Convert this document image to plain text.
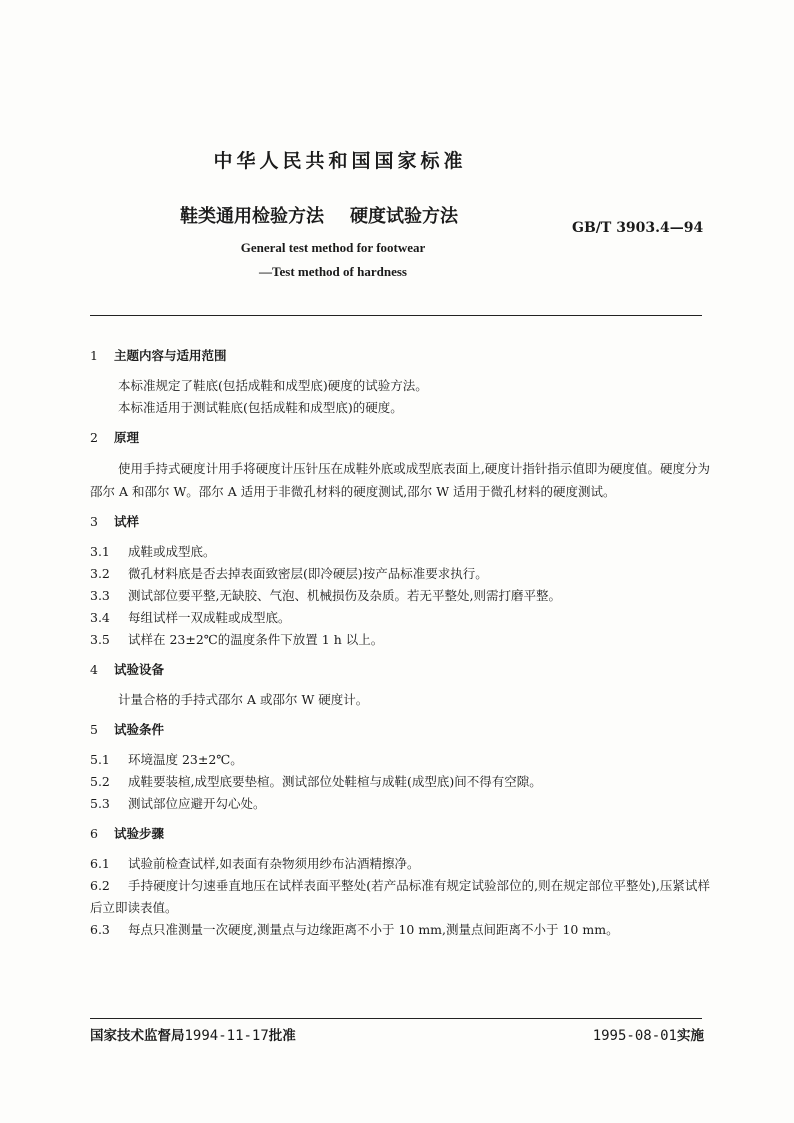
中华人民共和国国家标准
鞋类通用检验方法 硬度试验方法
GB/T 3903.4—94
General test method for footwear
—Test method of hardness

1 主题内容与适用范围

本标准规定了鞋底(包括成鞋和成型底)硬度的试验方法。

本标准适用于测试鞋底(包括成鞋和成型底)的硬度。

2 原理

使用手持式硬度计用手将硬度计压针压在成鞋外底或成型底表面上,硬度计指针指示值即为硬度值。硬度分为邵尔 A 和邵尔 W。邵尔 A 适用于非微孔材料的硬度测试,邵尔 W 适用于微孔材料的硬度测试。

3 试样

3.1 成鞋或成型底。

3.2 微孔材料底是否去掉表面致密层(即冷硬层)按产品标准要求执行。

3.3 测试部位要平整,无缺胶、气泡、机械损伤及杂质。若无平整处,则需打磨平整。

3.4 每组试样一双成鞋或成型底。

3.5 试样在 23±2℃的温度条件下放置 1 h 以上。

4 试验设备

计量合格的手持式邵尔 A 或邵尔 W 硬度计。

5 试验条件

5.1 环境温度 23±2℃。

5.2 成鞋要装楦,成型底要垫楦。测试部位处鞋楦与成鞋(成型底)间不得有空隙。

5.3 测试部位应避开勾心处。

6 试验步骤

6.1 试验前检查试样,如表面有杂物须用纱布沾酒精擦净。

6.2 手持硬度计匀速垂直地压在试样表面平整处(若产品标准有规定试验部位的,则在规定部位平整处),压紧试样后立即读表值。

6.3 每点只准测量一次硬度,测量点与边缘距离不小于 10 mm,测量点间距离不小于 10 mm。

国家技术监督局1994-11-17批准	1995-08-01实施
